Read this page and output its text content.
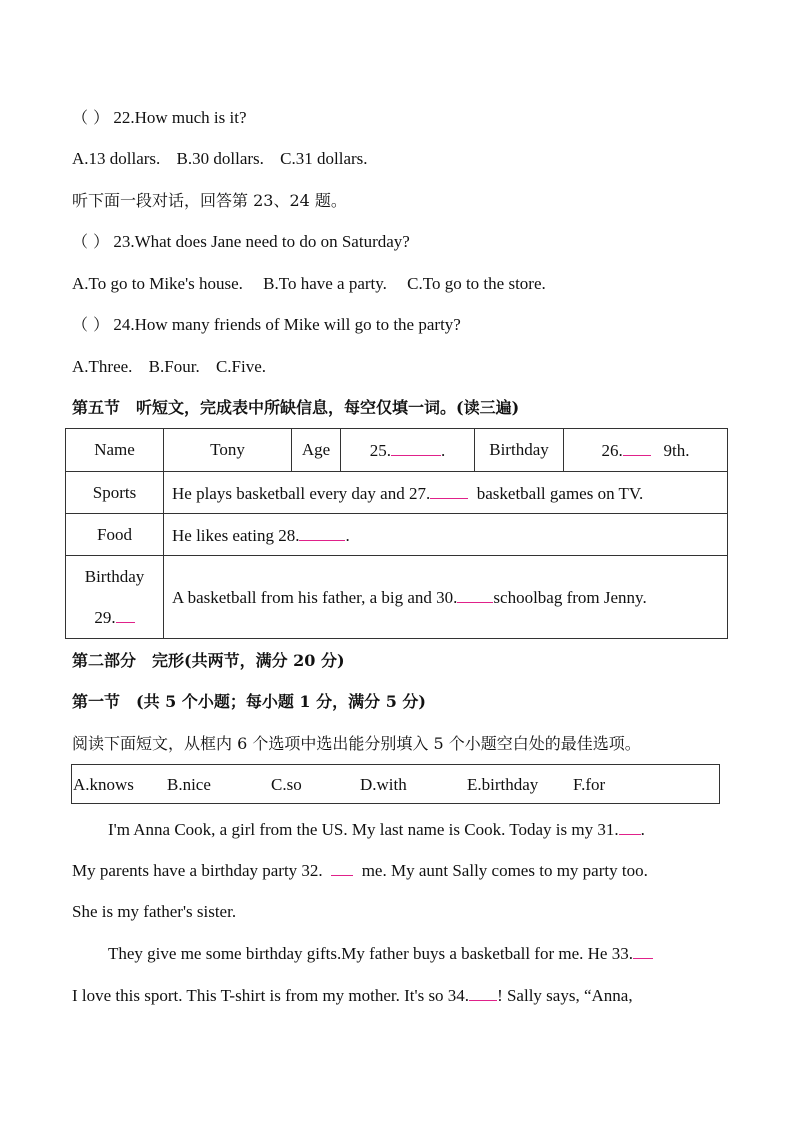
（ ） 22.How much is it?
A.13 dollars. B.30 dollars. C.31 dollars.
听下面一段对话，回答第 23、24 题。
（ ） 23.What does Jane need to do on Saturday?
A.To go to Mike's house. B.To have a party. C.To go to the store.
（ ） 24.How many friends of Mike will go to the party?
A.Three. B.Four. C.Five.
第五节　听短文，完成表中所缺信息，每空仅填一词。(读三遍)
Name	Tony	Age	25. .	Birthday	26. 9th.
Sports	He plays basketball every day and 27. basketball games on TV.				
Food	He likes eating 28. .				

Birthday
29.	A basketball from his father, a big and 30. schoolbag from Jenny.				
第二部分　完形(共两节，满分 20 分)
第一节　(共 5 个小题；每小题 1 分，满分 5 分)
阅读下面短文，从框内 6 个选项中选出能分别填入 5 个小题空白处的最佳选项。
A.knows B.nice	C.so	D.with	E.birthday F.for
I'm Anna Cook, a girl from the US. My last name is Cook. Today is my 31. .
My parents have a birthday party 32. me. My aunt Sally comes to my party too.
She is my father's sister.
They give me some birthday gifts.My father buys a basketball for me. He 33.
I love this sport. This T-shirt is from my mother. It's so 34. ! Sally says, “Anna,
